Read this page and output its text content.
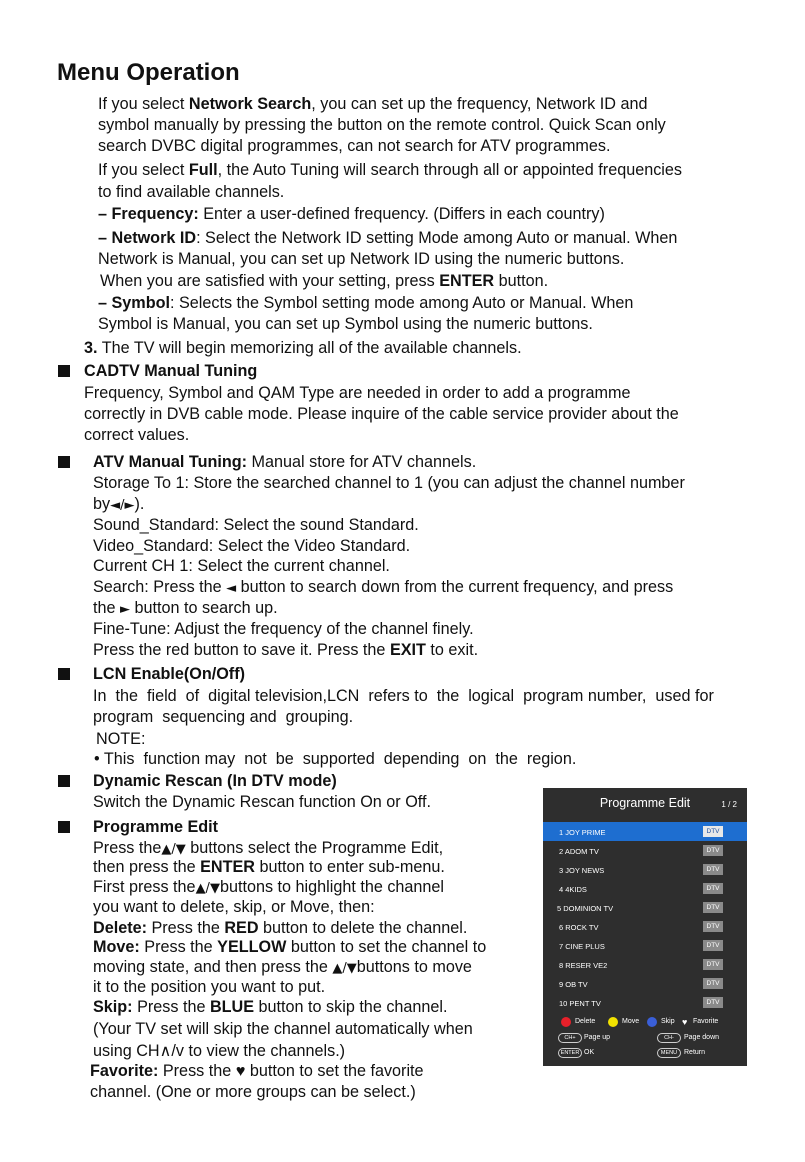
Menu Operation
If you select Network Search, you can set up the frequency, Network ID and
symbol manually by pressing the button on the remote control. Quick Scan only
search DVBC digital programmes, can not search for ATV programmes.
If you select Full, the Auto Tuning will search through all or appointed frequencies
to find available channels.
– Frequency: Enter a user-defined frequency. (Differs in each country)
– Network ID: Select the Network ID setting Mode among Auto or manual. When
Network is Manual, you can set up Network ID using the numeric buttons.
When you are satisfied with your setting, press ENTER button.
– Symbol: Selects the Symbol setting mode among Auto or Manual. When
Symbol is Manual, you can set up Symbol using the numeric buttons.
3. The TV will begin memorizing all of the available channels.
CADTV Manual Tuning
Frequency, Symbol and QAM Type are needed in order to add a programme
correctly in DVB cable mode. Please inquire of the cable service provider about the
correct values.
ATV Manual Tuning: Manual store for ATV channels.
Storage To 1: Store the searched channel to 1 (you can adjust the channel number
by◄/►).
Sound_Standard: Select the sound Standard.
Video_Standard: Select the Video Standard.
Current CH 1: Select the current channel.
Search: Press the ◄ button to search down from the current frequency, and press
the ► button to search up.
Fine-Tune: Adjust the frequency of the channel finely.
Press the red button to save it. Press the EXIT to exit.
LCN Enable(On/Off)
In  the  field  of  digital television,LCN  refers to  the  logical  program number,  used for
program  sequencing and  grouping.
NOTE:
• This  function may  not  be  supported  depending  on  the  region.
Dynamic Rescan (In DTV mode)
Switch the Dynamic Rescan function On or Off.
Programme Edit
Press the▲/▼ buttons select the Programme Edit,
then press the ENTER button to enter sub-menu.
First press the▲/▼buttons to highlight the channel
you want to delete, skip, or Move, then:
Delete: Press the RED button to delete the channel.
Move: Press the YELLOW button to set the channel to
moving state, and then press the ▲/▼buttons to move
it to the position you want to put.
Skip: Press the BLUE button to skip the channel.
(Your TV set will skip the channel automatically when
using CH∧/v to view the channels.)
Favorite: Press the ♥ button to set the favorite
channel. (One or more groups can be select.)
Programme Edit	1 / 2
1 JOY PRIME	DTV
2 ADOM TV	DTV
3 JOY NEWS	DTV
4 4KIDS	DTV
5 DOMINION TV	DTV
6 ROCK TV	DTV
7 CINE PLUS	DTV
8 RESER VE2	DTV
9 OB TV	DTV
10 PENT TV	DTV
Delete	Move	Skip ♥ Favorite
CH+	Page up	CH-	Page down
ENTER OK	MENU Return
